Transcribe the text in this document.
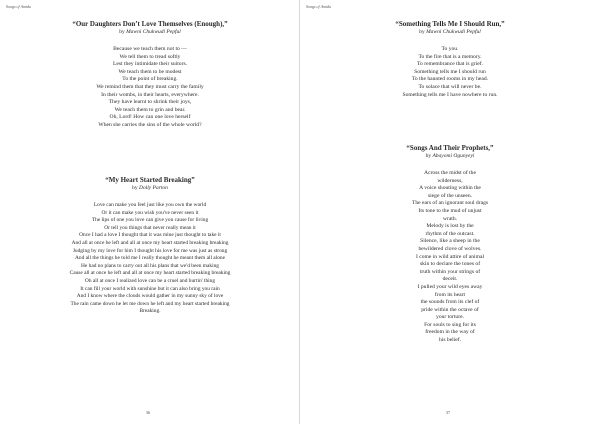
Songs of Amidu
“Our Daughters Don’t Love Themselves (Enough),”
by Mawni Chukwudi Pepful
Because we teach them not to —
We tell them to tread softly
Lest they intimidate their suitors.
We teach them to be modest
To the point of breaking.
We remind them that they must carry the family
In their wombs, in their hearts, everywhere.
They have learnt to shrink their joys,
We teach them to grin and bear.
Oh, Lord! How can one love herself
When she carries the sins of the whole world?
“My Heart Started Breaking”
by Dolly Parton
Love can make you feel just like you own the world
Or it can make you wish you've never seen it
The lips of one you love can give you cause for living
Or tell you things that never really mean it
Once I had a love I thought that it was mine just thought to take it
And all at once he left and all at once my heart started breaking breaking
Judging by my love for him I thought his love for me was just as strong
And all the things he told me I really thought he meant them all alone
He had no plans to carry out all his plans that we'd been making
Cause all at once he left and all at once my heart started breaking breaking
Oh all at once I realized love can be a cruel and hurtin' thing
It can fill your world with sunshine but it can also bring you rain
And I know where the clouds would gather in my sunny sky of love
The rain came down he let me down he left and my heart started breaking
Breaking.
36
Songs of Amidu
“Something Tells Me I Should Run,”
by Mawni Chukwudi Pepful
To you.
To the fire that is a memory.
To remembrance that is grief.
Something tells me I should run
To the haunted rooms in my head.
To solace that will never be.
Something tells me I have nowhere to run.
“Songs And Their Prophets,”
by Abayomi Ogunyeyi
Across the midst of the
wilderness,
A voice shouting within the
siege of the unseen.
The ears of an ignorant soul drags
Its tone to the mud of unjust
wrath.
Melody is lost by the
rhythm of the outcast.
Silence, like a sheep in the
bewildered clove of wolves.
I come in wild attire of animal
skin to declare the tones of
truth within your strings of
deceit.
I pulled your wild eyes away
from its heart
the sounds from its clef of
pride within the octave of
your torture.
For souls to sing for its
freedom in the way of
his belief.
37
